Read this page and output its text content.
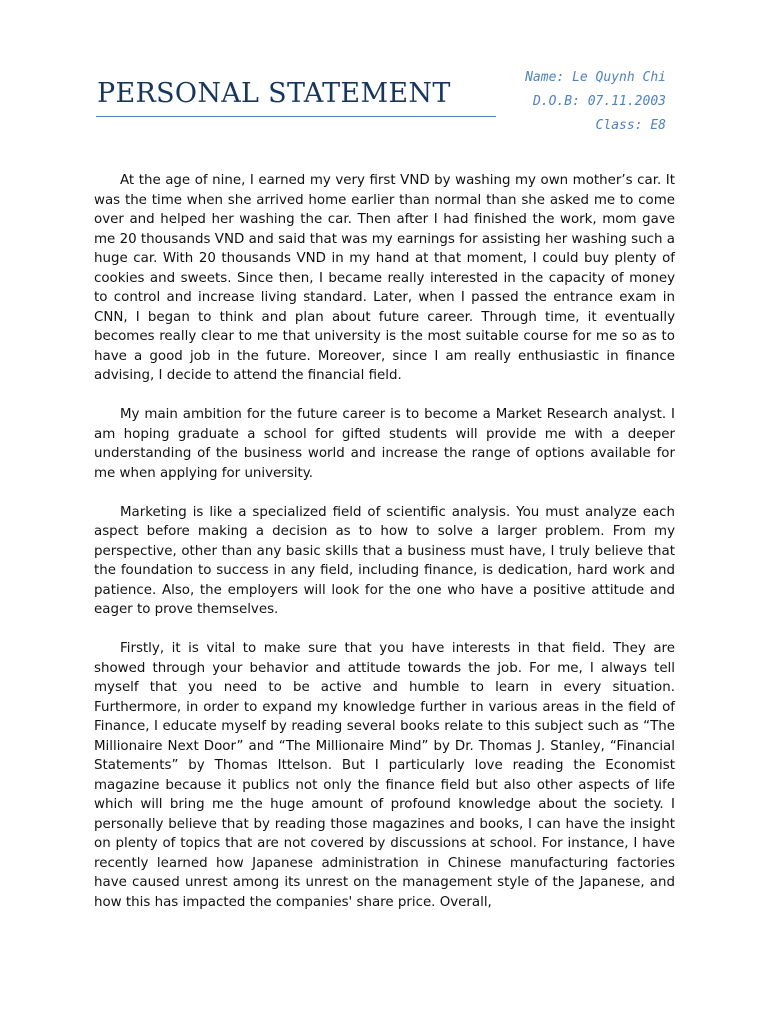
PERSONAL STATEMENT
Name: Le Quynh Chi
D.O.B: 07.11.2003
Class: E8

At the age of nine, I earned my very first VND by washing my own mother’s car. It was the time when she arrived home earlier than normal than she asked me to come over and helped her washing the car. Then after I had finished the work, mom gave me 20 thousands VND and said that was my earnings for assisting her washing such a huge car. With 20 thousands VND in my hand at that moment, I could buy plenty of cookies and sweets. Since then, I became really interested in the capacity of money to control and increase living standard. Later, when I passed the entrance exam in CNN, I began to think and plan about future career. Through time, it eventually becomes really clear to me that university is the most suitable course for me so as to have a good job in the future. Moreover, since I am really enthusiastic in finance advising, I decide to attend the financial field.

My main ambition for the future career is to become a Market Research analyst. I am hoping graduate a school for gifted students will provide me with a deeper understanding of the business world and increase the range of options available for me when applying for university.

Marketing is like a specialized field of scientific analysis. You must analyze each aspect before making a decision as to how to solve a larger problem. From my perspective, other than any basic skills that a business must have, I truly believe that the foundation to success in any field, including finance, is dedication, hard work and patience. Also, the employers will look for the one who have a positive attitude and eager to prove themselves.

Firstly, it is vital to make sure that you have interests in that field. They are showed through your behavior and attitude towards the job. For me, I always tell myself that you need to be active and humble to learn in every situation. Furthermore, in order to expand my knowledge further in various areas in the field of Finance, I educate myself by reading several books relate to this subject such as “The Millionaire Next Door” and “The Millionaire Mind” by Dr. Thomas J. Stanley, “Financial Statements” by Thomas Ittelson. But I particularly love reading the Economist magazine because it publics not only the finance field but also other aspects of life which will bring me the huge amount of profound knowledge about the society. I personally believe that by reading those magazines and books, I can have the insight on plenty of topics that are not covered by discussions at school. For instance, I have recently learned how Japanese administration in Chinese manufacturing factories have caused unrest among its unrest on the management style of the Japanese, and how this has impacted the companies' share price. Overall,
